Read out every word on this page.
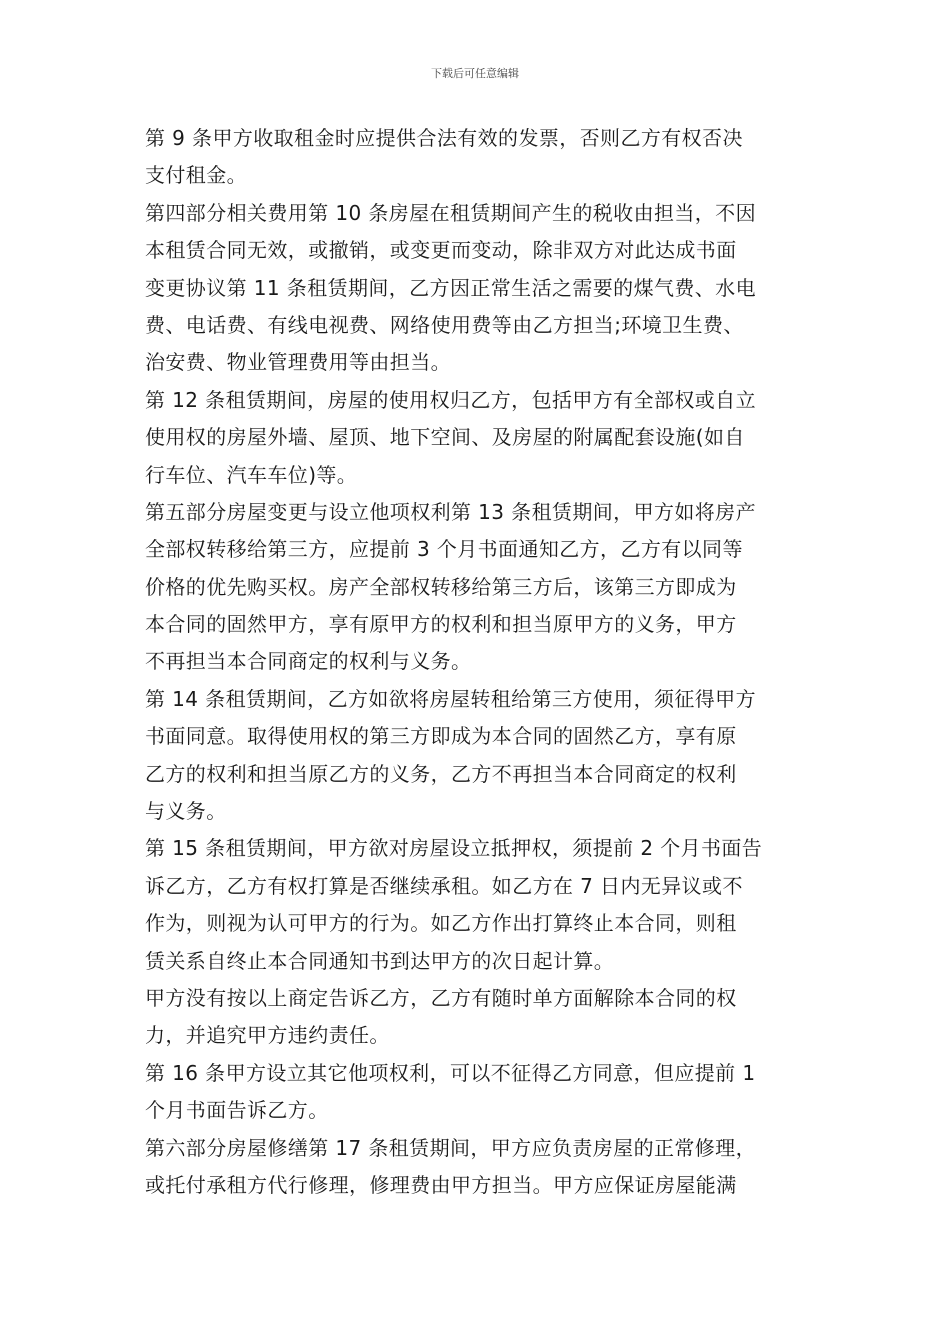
下载后可任意编辑
第 9 条甲方收取租金时应提供合法有效的发票，否则乙方有权否决
支付租金。
第四部分相关费用第 10 条房屋在租赁期间产生的税收由担当，不因
本租赁合同无效，或撤销，或变更而变动，除非双方对此达成书面
变更协议第 11 条租赁期间，乙方因正常生活之需要的煤气费、水电
费、电话费、有线电视费、网络使用费等由乙方担当;环境卫生费、
治安费、物业管理费用等由担当。
第 12 条租赁期间，房屋的使用权归乙方，包括甲方有全部权或自立
使用权的房屋外墙、屋顶、地下空间、及房屋的附属配套设施(如自
行车位、汽车车位)等。
第五部分房屋变更与设立他项权利第 13 条租赁期间，甲方如将房产
全部权转移给第三方，应提前 3 个月书面通知乙方，乙方有以同等
价格的优先购买权。房产全部权转移给第三方后，该第三方即成为
本合同的固然甲方，享有原甲方的权利和担当原甲方的义务，甲方
不再担当本合同商定的权利与义务。
第 14 条租赁期间，乙方如欲将房屋转租给第三方使用，须征得甲方
书面同意。取得使用权的第三方即成为本合同的固然乙方，享有原
乙方的权利和担当原乙方的义务，乙方不再担当本合同商定的权利
与义务。
第 15 条租赁期间，甲方欲对房屋设立抵押权，须提前 2 个月书面告
诉乙方，乙方有权打算是否继续承租。如乙方在 7 日内无异议或不
作为，则视为认可甲方的行为。如乙方作出打算终止本合同，则租
赁关系自终止本合同通知书到达甲方的次日起计算。
甲方没有按以上商定告诉乙方，乙方有随时单方面解除本合同的权
力，并追究甲方违约责任。
第 16 条甲方设立其它他项权利，可以不征得乙方同意，但应提前 1
个月书面告诉乙方。
第六部分房屋修缮第 17 条租赁期间，甲方应负责房屋的正常修理，
或托付承租方代行修理，修理费由甲方担当。甲方应保证房屋能满
